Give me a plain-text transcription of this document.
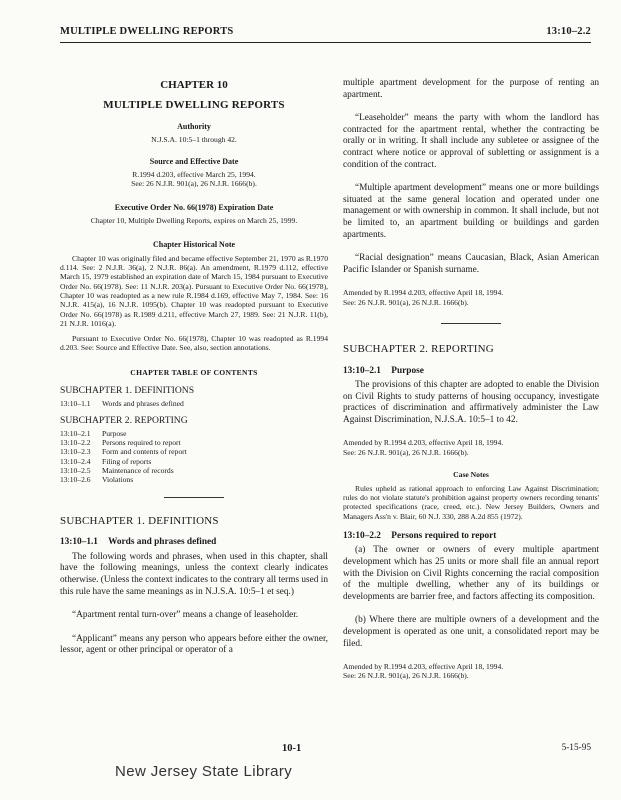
MULTIPLE DWELLING REPORTS	13:10–2.2
CHAPTER 10
MULTIPLE DWELLING REPORTS
Authority
N.J.S.A. 10:5–1 through 42.
Source and Effective Date
R.1994 d.203, effective March 25, 1994.
See: 26 N.J.R. 901(a), 26 N.J.R. 1666(b).
Executive Order No. 66(1978) Expiration Date
Chapter 10, Multiple Dwelling Reports, expires on March 25, 1999.
Chapter Historical Note
Chapter 10 was originally filed and became effective September 21, 1970 as R.1970 d.114. See: 2 N.J.R. 36(a), 2 N.J.R. 86(a). An amendment, R.1979 d.112, effective March 15, 1979 established an expiration date of March 15, 1984 pursuant to Executive Order No. 66(1978). See: 11 N.J.R. 203(a). Pursuant to Executive Order No. 66(1978), Chapter 10 was readopted as a new rule R.1984 d.169, effective May 7, 1984. See: 16 N.J.R. 415(a), 16 N.J.R. 1095(b). Chapter 10 was readopted pursuant to Executive Order No. 66(1978) as R.1989 d.211, effective March 27, 1989. See: 21 N.J.R. 11(b), 21 N.J.R. 1016(a).
Pursuant to Executive Order No. 66(1978), Chapter 10 was readopted as R.1994 d.203. See: Source and Effective Date. See, also, section annotations.
CHAPTER TABLE OF CONTENTS
SUBCHAPTER 1. DEFINITIONS
13:10–1.1	Words and phrases defined
SUBCHAPTER 2. REPORTING
13:10–2.1	Purpose
13:10–2.2	Persons required to report
13:10–2.3	Form and contents of report
13:10–2.4	Filing of reports
13:10–2.5	Maintenance of records
13:10–2.6	Violations
SUBCHAPTER 1. DEFINITIONS
13:10–1.1 Words and phrases defined
The following words and phrases, when used in this chapter, shall have the following meanings, unless the context clearly indicates otherwise. (Unless the context indicates to the contrary all terms used in this rule have the same meanings as in N.J.S.A. 10:5–1 et seq.)
“Apartment rental turn-over” means a change of leaseholder.
“Applicant” means any person who appears before either the owner, lessor, agent or other principal or operator of a
multiple apartment development for the purpose of renting an apartment.
“Leaseholder” means the party with whom the landlord has contracted for the apartment rental, whether the contracting be orally or in writing. It shall include any subletee or assignee of the contract where notice or approval of subletting or assignment is a condition of the contract.
“Multiple apartment development” means one or more buildings situated at the same general location and operated under one management or with ownership in common. It shall include, but not be limited to, an apartment building or buildings and garden apartments.
“Racial designation” means Caucasian, Black, Asian American Pacific Islander or Spanish surname.
Amended by R.1994 d.203, effective April 18, 1994.
See: 26 N.J.R. 901(a), 26 N.J.R. 1666(b).
SUBCHAPTER 2. REPORTING
13:10–2.1 Purpose
The provisions of this chapter are adopted to enable the Division on Civil Rights to study patterns of housing occupancy, investigate practices of discrimination and affirmatively administer the Law Against Discrimination, N.J.S.A. 10:5–1 to 42.
Amended by R.1994 d.203, effective April 18, 1994.
See: 26 N.J.R. 901(a), 26 N.J.R. 1666(b).
Case Notes
Rules upheld as rational approach to enforcing Law Against Discrimination; rules do not violate statute's prohibition against property owners recording tenants' protected specifications (race, creed, etc.). New Jersey Builders, Owners and Managers Ass'n v. Blair, 60 N.J. 330, 288 A.2d 855 (1972).
13:10–2.2 Persons required to report
(a) The owner or owners of every multiple apartment development which has 25 units or more shall file an annual report with the Division on Civil Rights concerning the racial composition of the multiple dwelling, whether any of its buildings or developments are barrier free, and factors affecting its composition.
(b) Where there are multiple owners of a development and the development is operated as one unit, a consolidated report may be filed.
Amended by R.1994 d.203, effective April 18, 1994.
See: 26 N.J.R. 901(a), 26 N.J.R. 1666(b).
10-1	5-15-95
New Jersey State Library
